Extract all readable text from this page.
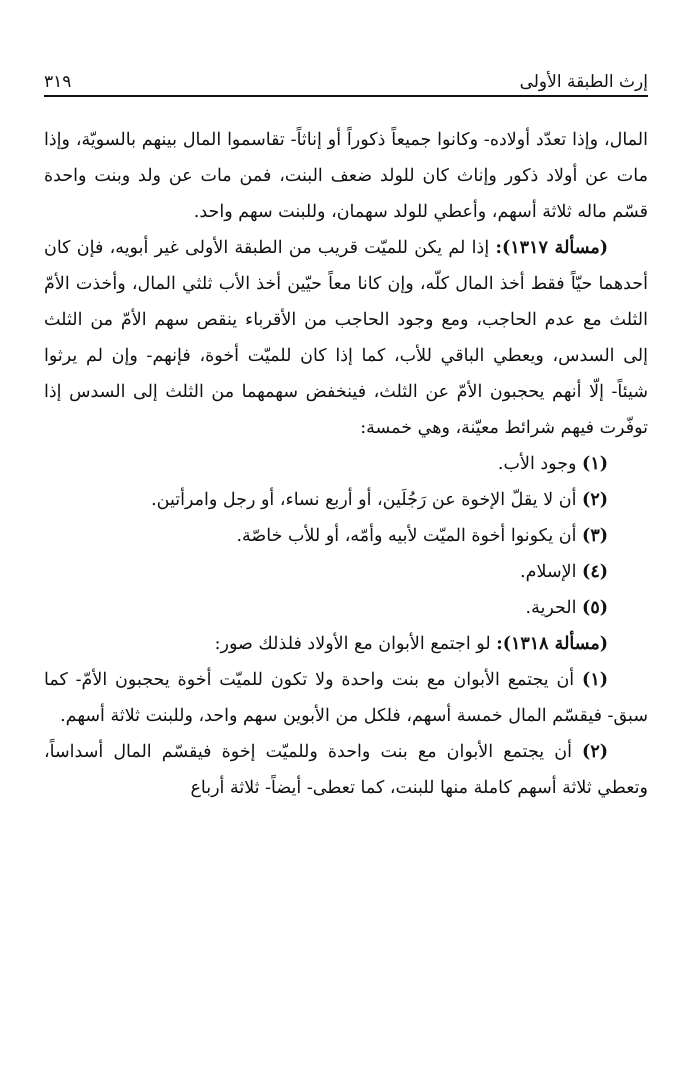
إرث الطبقة الأولى
٣١٩

المال، وإذا تعدّد أولاده- وكانوا جميعاً ذكوراً أو إناثاً- تقاسموا المال بينهم بالسويّة، وإذا مات عن أولاد ذكور وإناث كان للولد ضعف البنت، فمن مات عن ولد وبنت واحدة قسّم ماله ثلاثة أسهم، وأعطي للولد سهمان، وللبنت سهم واحد.

(مسألة ١٣١٧): إذا لم يكن للميّت قريب من الطبقة الأولى غير أبويه، فإن كان أحدهما حيّاً فقط أخذ المال كلّه، وإن كانا معاً حيّين أخذ الأب ثلثي المال، وأخذت الأمّ الثلث مع عدم الحاجب، ومع وجود الحاجب من الأقرباء ينقص سهم الأمّ من الثلث إلى السدس، ويعطي الباقي للأب، كما إذا كان للميّت أخوة، فإنهم- وإن لم يرثوا شيئاً- إلّا أنهم يحجبون الأمّ عن الثلث، فينخفض سهمهما من الثلث إلى السدس إذا توفّرت فيهم شرائط معيّنة، وهي خمسة:

(١) وجود الأب.

(٢) أن لا يقلّ الإخوة عن رَجُلَين، أو أربع نساء، أو رجل وامرأتين.

(٣) أن يكونوا أخوة الميّت لأبيه وأمّه، أو للأب خاصّة.

(٤) الإسلام.

(٥) الحرية.

(مسألة ١٣١٨): لو اجتمع الأبوان مع الأولاد فلذلك صور:

(١) أن يجتمع الأبوان مع بنت واحدة ولا تكون للميّت أخوة يحجبون الأمّ- كما سبق- فيقسّم المال خمسة أسهم، فلكل من الأبوين سهم واحد، وللبنت ثلاثة أسهم.

(٢) أن يجتمع الأبوان مع بنت واحدة وللميّت إخوة فيقسّم المال أسداساً، وتعطي ثلاثة أسهم كاملة منها للبنت، كما تعطى- أيضاً- ثلاثة أرباع
